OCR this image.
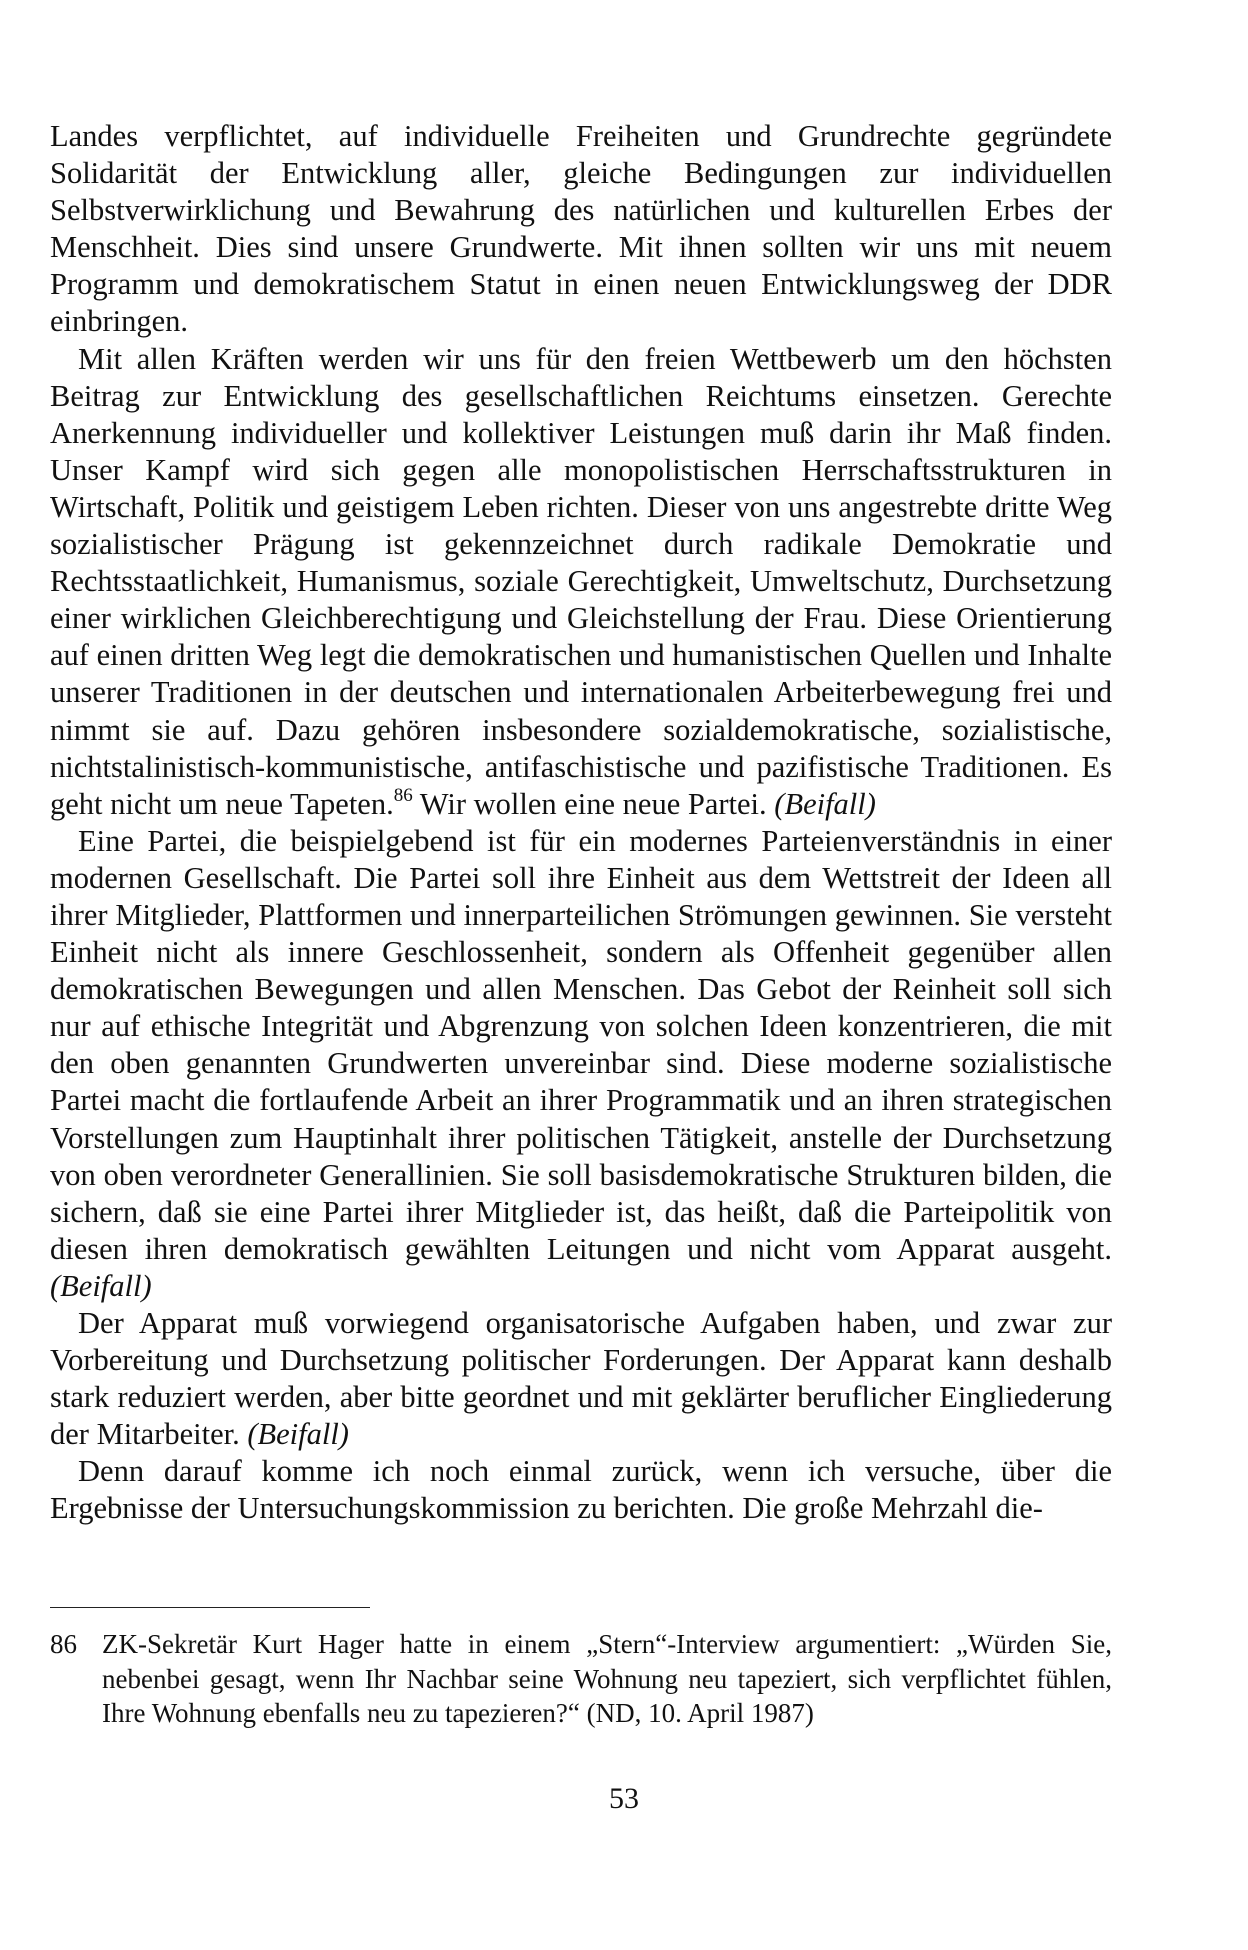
Landes verpflichtet, auf individuelle Freiheiten und Grundrechte gegründete Solidarität der Entwicklung aller, gleiche Bedingungen zur individuellen Selbstverwirklichung und Bewahrung des natürlichen und kulturellen Erbes der Menschheit. Dies sind unsere Grundwerte. Mit ihnen sollten wir uns mit neuem Programm und demokratischem Statut in einen neuen Entwicklungsweg der DDR einbringen.

Mit allen Kräften werden wir uns für den freien Wettbewerb um den höchsten Beitrag zur Entwicklung des gesellschaftlichen Reichtums einsetzen. Gerechte Anerkennung individueller und kollektiver Leistungen muß darin ihr Maß finden. Unser Kampf wird sich gegen alle monopolistischen Herrschaftsstrukturen in Wirtschaft, Politik und geistigem Leben richten. Dieser von uns angestrebte dritte Weg sozialistischer Prägung ist gekennzeichnet durch radikale Demokratie und Rechtsstaatlichkeit, Humanismus, soziale Gerechtigkeit, Umweltschutz, Durchsetzung einer wirklichen Gleichberechtigung und Gleichstellung der Frau. Diese Orientierung auf einen dritten Weg legt die demokratischen und humanistischen Quellen und Inhalte unserer Traditionen in der deutschen und internationalen Arbeiterbewegung frei und nimmt sie auf. Dazu gehören insbesondere sozialdemokratische, sozialistische, nichtstalinistisch-kommunistische, antifaschistische und pazifistische Traditionen. Es geht nicht um neue Tapeten.$^{86}$ Wir wollen eine neue Partei. (Beifall)

Eine Partei, die beispielgebend ist für ein modernes Parteienverständnis in einer modernen Gesellschaft. Die Partei soll ihre Einheit aus dem Wettstreit der Ideen all ihrer Mitglieder, Plattformen und innerparteilichen Strömungen gewinnen. Sie versteht Einheit nicht als innere Geschlossenheit, sondern als Offenheit gegenüber allen demokratischen Bewegungen und allen Menschen. Das Gebot der Reinheit soll sich nur auf ethische Integrität und Abgrenzung von solchen Ideen konzentrieren, die mit den oben genannten Grundwerten unvereinbar sind. Diese moderne sozialistische Partei macht die fortlaufende Arbeit an ihrer Programmatik und an ihren strategischen Vorstellungen zum Hauptinhalt ihrer politischen Tätigkeit, anstelle der Durchsetzung von oben verordneter Generallinien. Sie soll basisdemokratische Strukturen bilden, die sichern, daß sie eine Partei ihrer Mitglieder ist, das heißt, daß die Parteipolitik von diesen ihren demokratisch gewählten Leitungen und nicht vom Apparat ausgeht. (Beifall)

Der Apparat muß vorwiegend organisatorische Aufgaben haben, und zwar zur Vorbereitung und Durchsetzung politischer Forderungen. Der Apparat kann deshalb stark reduziert werden, aber bitte geordnet und mit geklärter beruflicher Eingliederung der Mitarbeiter. (Beifall)

Denn darauf komme ich noch einmal zurück, wenn ich versuche, über die Ergebnisse der Untersuchungskommission zu berichten. Die große Mehrzahl die-

86 ZK-Sekretär Kurt Hager hatte in einem „Stern“-Interview argumentiert: „Würden Sie, nebenbei gesagt, wenn Ihr Nachbar seine Wohnung neu tapeziert, sich verpflichtet fühlen, Ihre Wohnung ebenfalls neu zu tapezieren?“ (ND, 10. April 1987)
53
